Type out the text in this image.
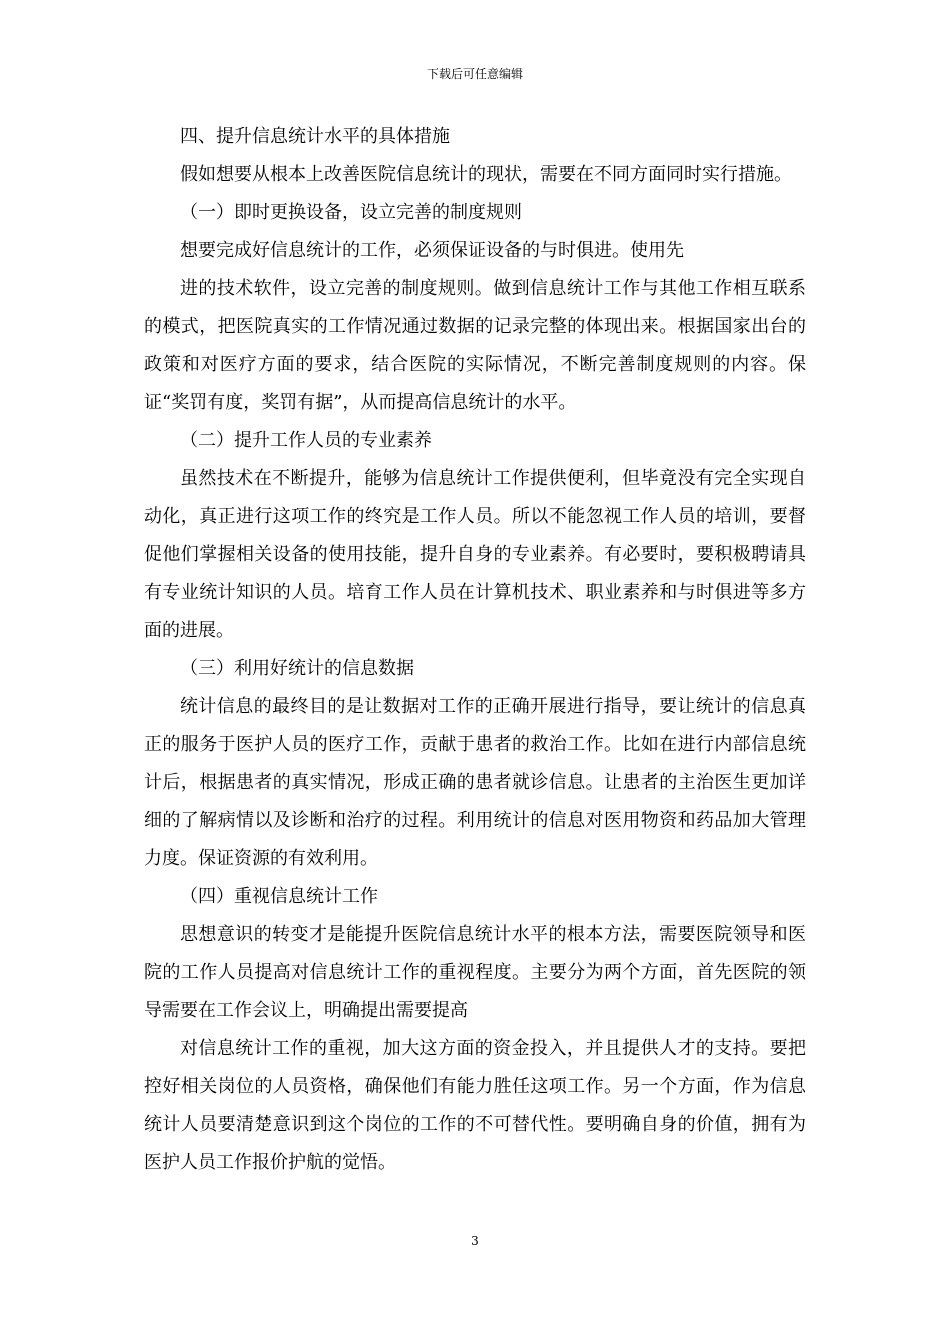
下载后可任意编辑

四、提升信息统计水平的具体措施

假如想要从根本上改善医院信息统计的现状，需要在不同方面同时实行措施。

（一）即时更换设备，设立完善的制度规则

想要完成好信息统计的工作，必须保证设备的与时俱进。使用先

进的技术软件，设立完善的制度规则。做到信息统计工作与其他工作相互联系的模式，把医院真实的工作情况通过数据的记录完整的体现出来。根据国家出台的政策和对医疗方面的要求，结合医院的实际情况，不断完善制度规则的内容。保证“奖罚有度，奖罚有据”，从而提高信息统计的水平。

（二）提升工作人员的专业素养

虽然技术在不断提升，能够为信息统计工作提供便利，但毕竟没有完全实现自动化，真正进行这项工作的终究是工作人员。所以不能忽视工作人员的培训，要督促他们掌握相关设备的使用技能，提升自身的专业素养。有必要时，要积极聘请具有专业统计知识的人员。培育工作人员在计算机技术、职业素养和与时俱进等多方面的进展。

（三）利用好统计的信息数据

统计信息的最终目的是让数据对工作的正确开展进行指导，要让统计的信息真正的服务于医护人员的医疗工作，贡献于患者的救治工作。比如在进行内部信息统计后，根据患者的真实情况，形成正确的患者就诊信息。让患者的主治医生更加详细的了解病情以及诊断和治疗的过程。利用统计的信息对医用物资和药品加大管理力度。保证资源的有效利用。

（四）重视信息统计工作

思想意识的转变才是能提升医院信息统计水平的根本方法，需要医院领导和医院的工作人员提高对信息统计工作的重视程度。主要分为两个方面，首先医院的领导需要在工作会议上，明确提出需要提高

对信息统计工作的重视，加大这方面的资金投入，并且提供人才的支持。要把控好相关岗位的人员资格，确保他们有能力胜任这项工作。另一个方面，作为信息统计人员要清楚意识到这个岗位的工作的不可替代性。要明确自身的价值，拥有为医护人员工作报价护航的觉悟。

3
